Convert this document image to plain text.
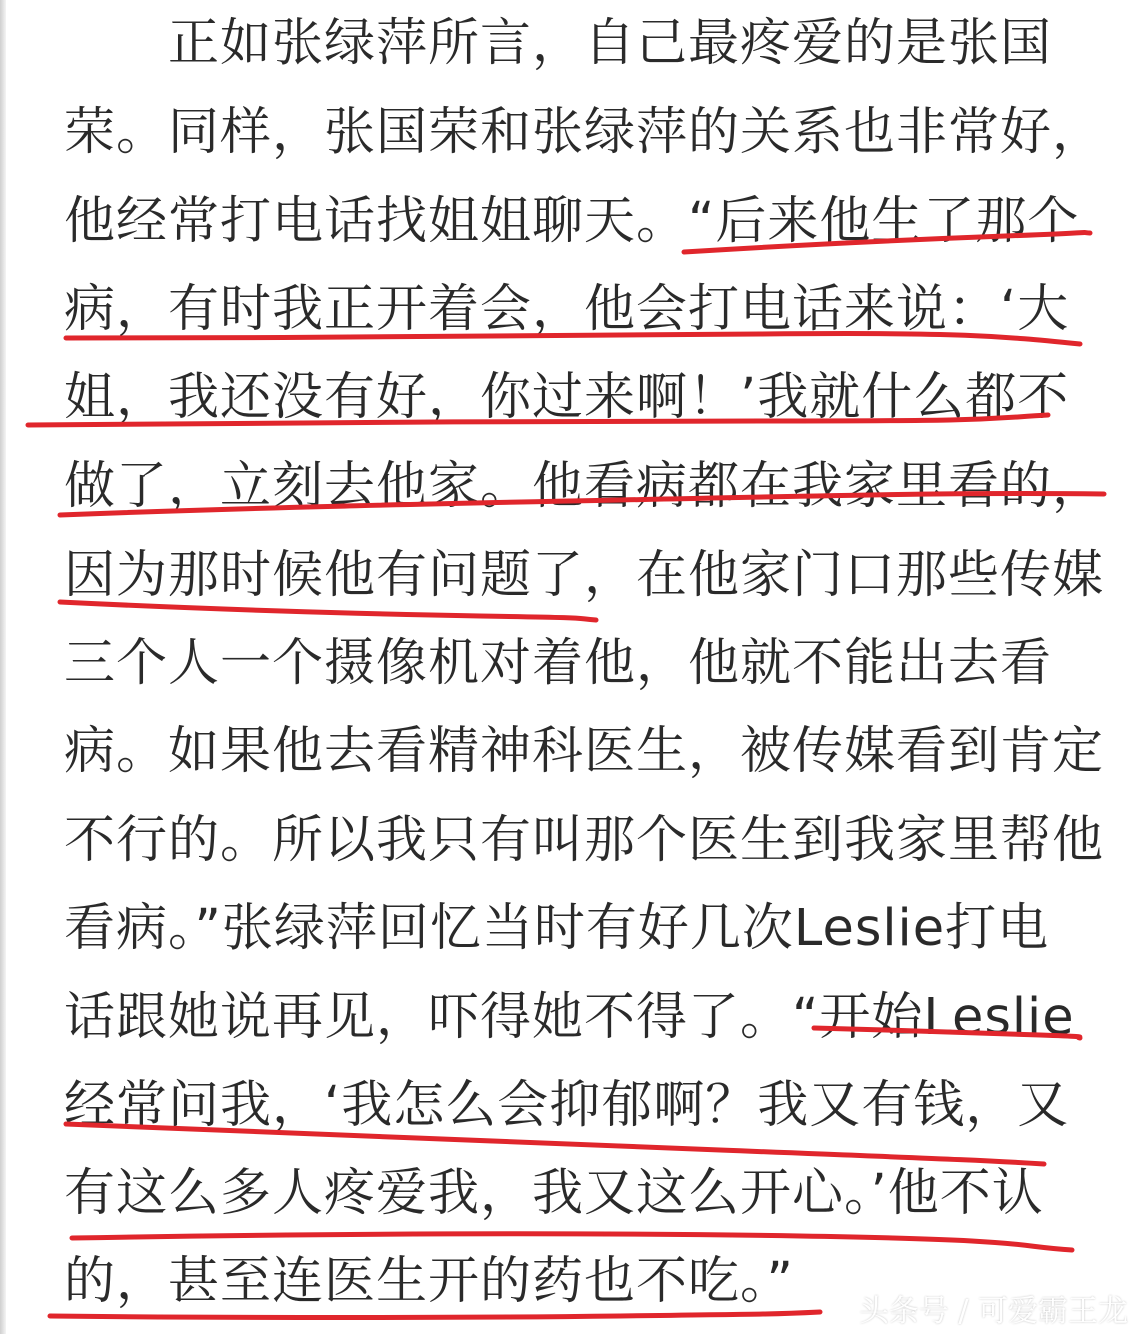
　　正如张绿萍所言，自己最疼爱的是张国
荣。同样，张国荣和张绿萍的关系也非常好，
他经常打电话找姐姐聊天。“后来他生了那个
病，有时我正开着会，他会打电话来说：‘大
姐，我还没有好，你过来啊！’我就什么都不
做了，立刻去他家。他看病都在我家里看的，
因为那时候他有问题了，在他家门口那些传媒
三个人一个摄像机对着他，他就不能出去看
病。如果他去看精神科医生，被传媒看到肯定
不行的。所以我只有叫那个医生到我家里帮他
看病。”张绿萍回忆当时有好几次Leslie打电
话跟她说再见，吓得她不得了。“开始Leslie
经常问我，‘我怎么会抑郁啊？我又有钱，又
有这么多人疼爱我，我又这么开心。’他不认
的，甚至连医生开的药也不吃。”
头条号 / 可爱霸王龙
